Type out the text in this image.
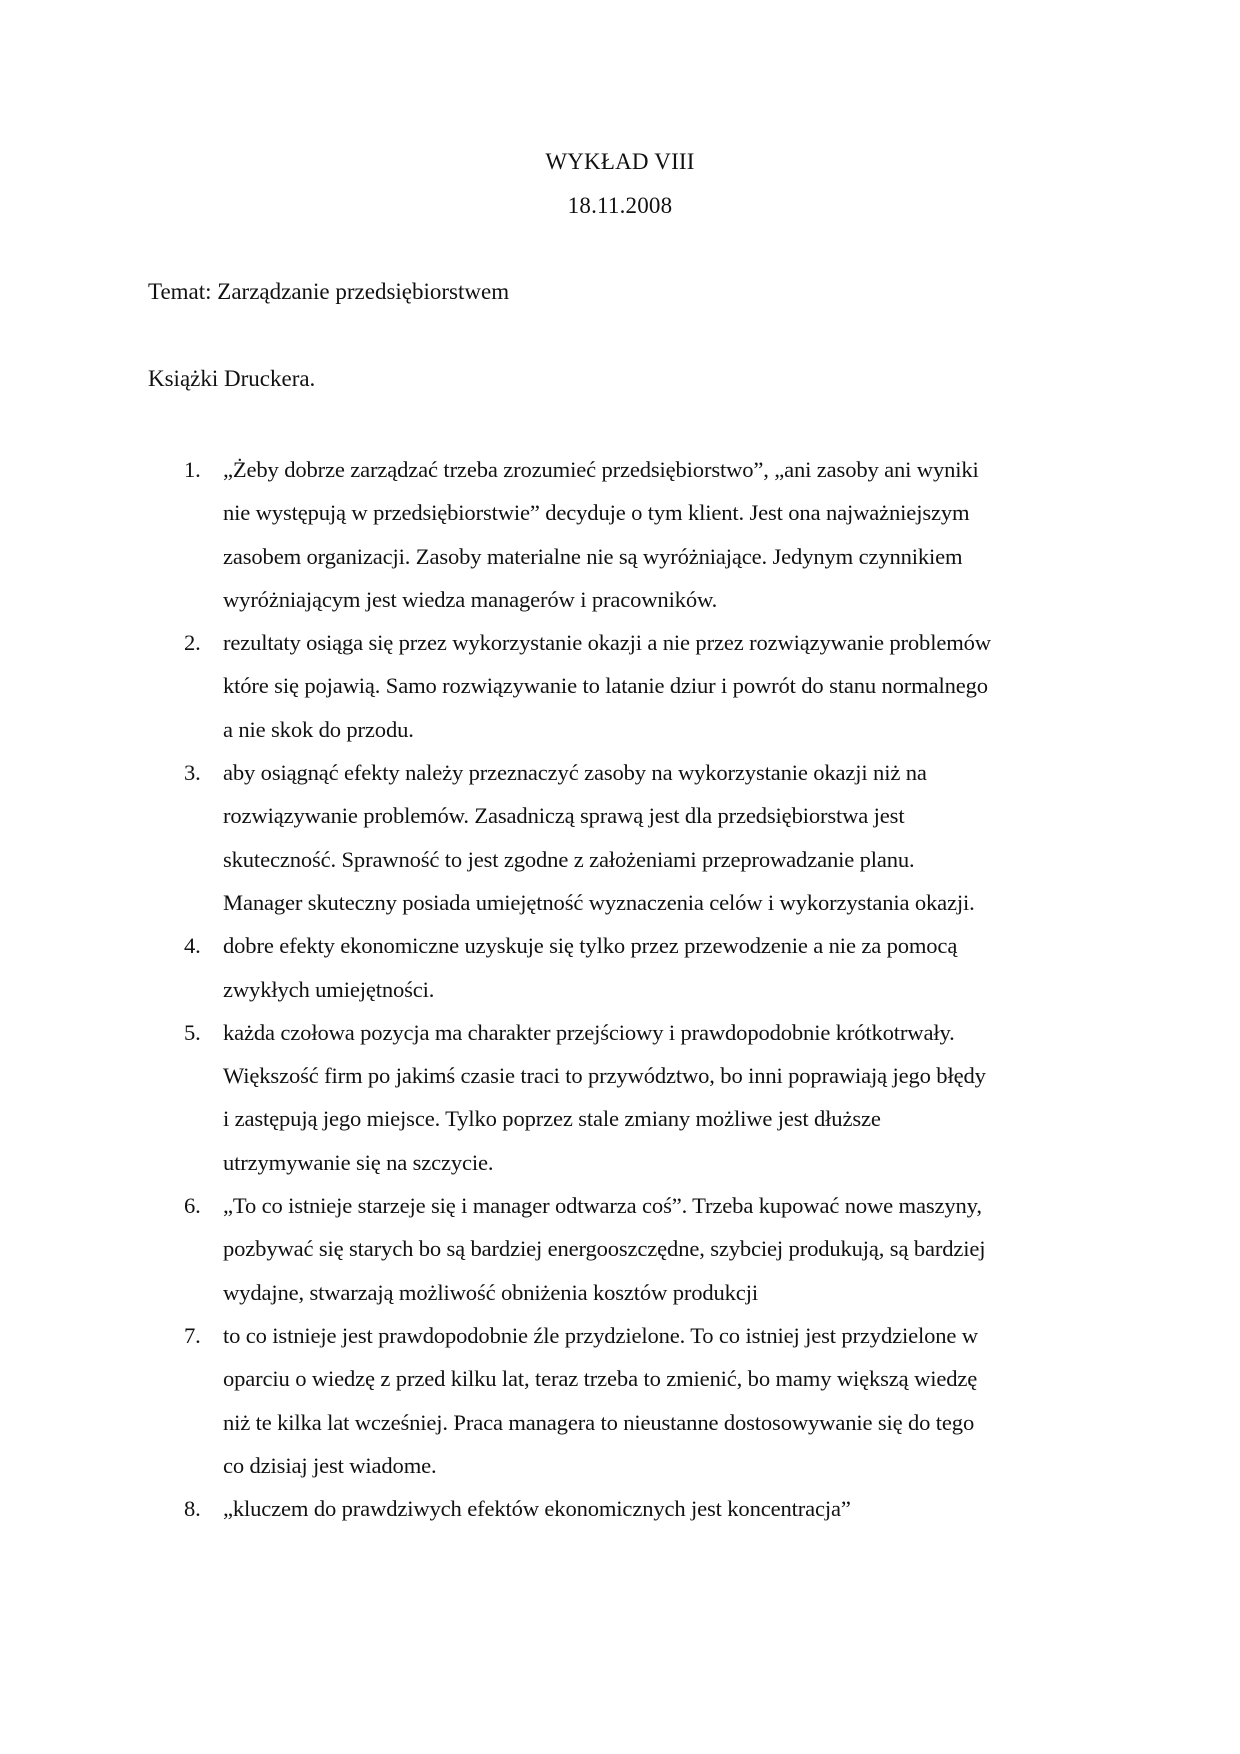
WYKŁAD VIII
18.11.2008
Temat: Zarządzanie przedsiębiorstwem
Książki Druckera.
1. „Żeby dobrze zarządzać trzeba zrozumieć przedsiębiorstwo”, „ani zasoby ani wyniki
nie występują w przedsiębiorstwie” decyduje o tym klient. Jest ona najważniejszym
zasobem organizacji. Zasoby materialne nie są wyróżniające. Jedynym czynnikiem
wyróżniającym jest wiedza managerów i pracowników.
2. rezultaty osiąga się przez wykorzystanie okazji a nie przez rozwiązywanie problemów
które się pojawią. Samo rozwiązywanie to latanie dziur i powrót do stanu normalnego
a nie skok do przodu.
3. aby osiągnąć efekty należy przeznaczyć zasoby na wykorzystanie okazji niż na
rozwiązywanie problemów. Zasadniczą sprawą jest dla przedsiębiorstwa jest
skuteczność. Sprawność to jest zgodne z założeniami przeprowadzanie planu.
Manager skuteczny posiada umiejętność wyznaczenia celów i wykorzystania okazji.
4. dobre efekty ekonomiczne uzyskuje się tylko przez przewodzenie a nie za pomocą
zwykłych umiejętności.
5. każda czołowa pozycja ma charakter przejściowy i prawdopodobnie krótkotrwały.
Większość firm po jakimś czasie traci to przywództwo, bo inni poprawiają jego błędy
i zastępują jego miejsce. Tylko poprzez stale zmiany możliwe jest dłuższe
utrzymywanie się na szczycie.
6. „To co istnieje starzeje się i manager odtwarza coś”. Trzeba kupować nowe maszyny,
pozbywać się starych bo są bardziej energooszczędne, szybciej produkują, są bardziej
wydajne, stwarzają możliwość obniżenia kosztów produkcji
7. to co istnieje jest prawdopodobnie źle przydzielone. To co istniej jest przydzielone w
oparciu o wiedzę z przed kilku lat, teraz trzeba to zmienić, bo mamy większą wiedzę
niż te kilka lat wcześniej. Praca managera to nieustanne dostosowywanie się do tego
co dzisiaj jest wiadome.
8. „kluczem do prawdziwych efektów ekonomicznych jest koncentracja”
